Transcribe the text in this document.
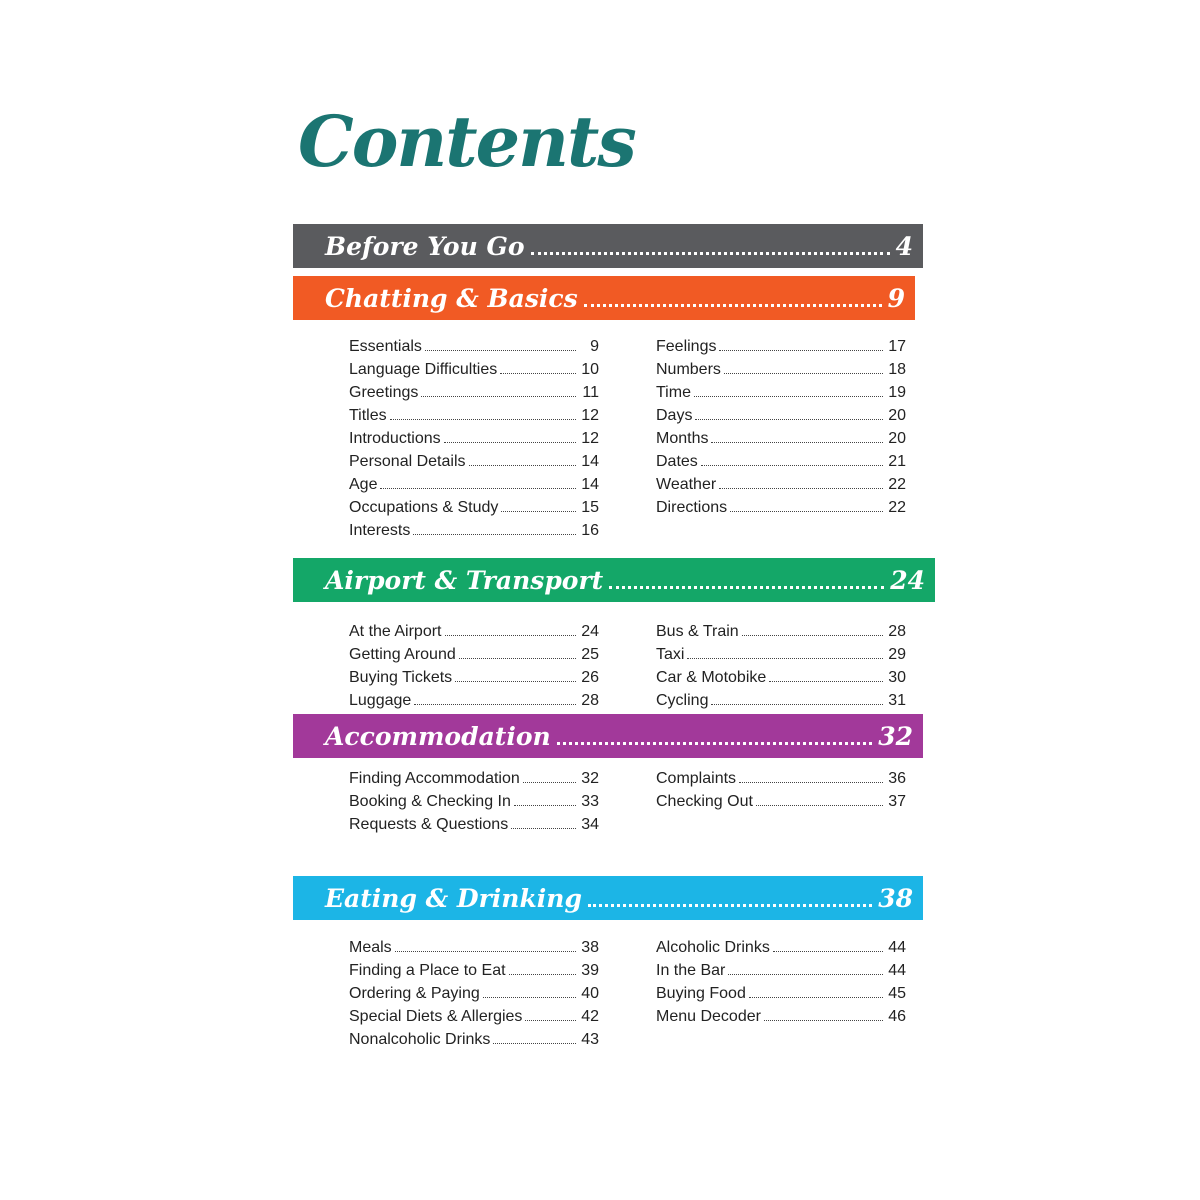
Contents
Before You Go	4
Chatting & Basics	9
Essentials	9
Language Difficulties	10
Greetings	11
Titles	12
Introductions	12
Personal Details	14
Age	14
Occupations & Study	15
Interests	16
Feelings	17
Numbers	18
Time	19
Days	20
Months	20
Dates	21
Weather	22
Directions	22
Airport & Transport	24
At the Airport	24
Getting Around	25
Buying Tickets	26
Luggage	28
Bus & Train	28
Taxi	29
Car & Motobike	30
Cycling	31
Accommodation	32
Finding Accommodation	32
Booking & Checking In	33
Requests & Questions	34
Complaints	36
Checking Out	37
Eating & Drinking	38
Meals	38
Finding a Place to Eat	39
Ordering & Paying	40
Special Diets & Allergies	42
Nonalcoholic Drinks	43
Alcoholic Drinks	44
In the Bar	44
Buying Food	45
Menu Decoder	46
